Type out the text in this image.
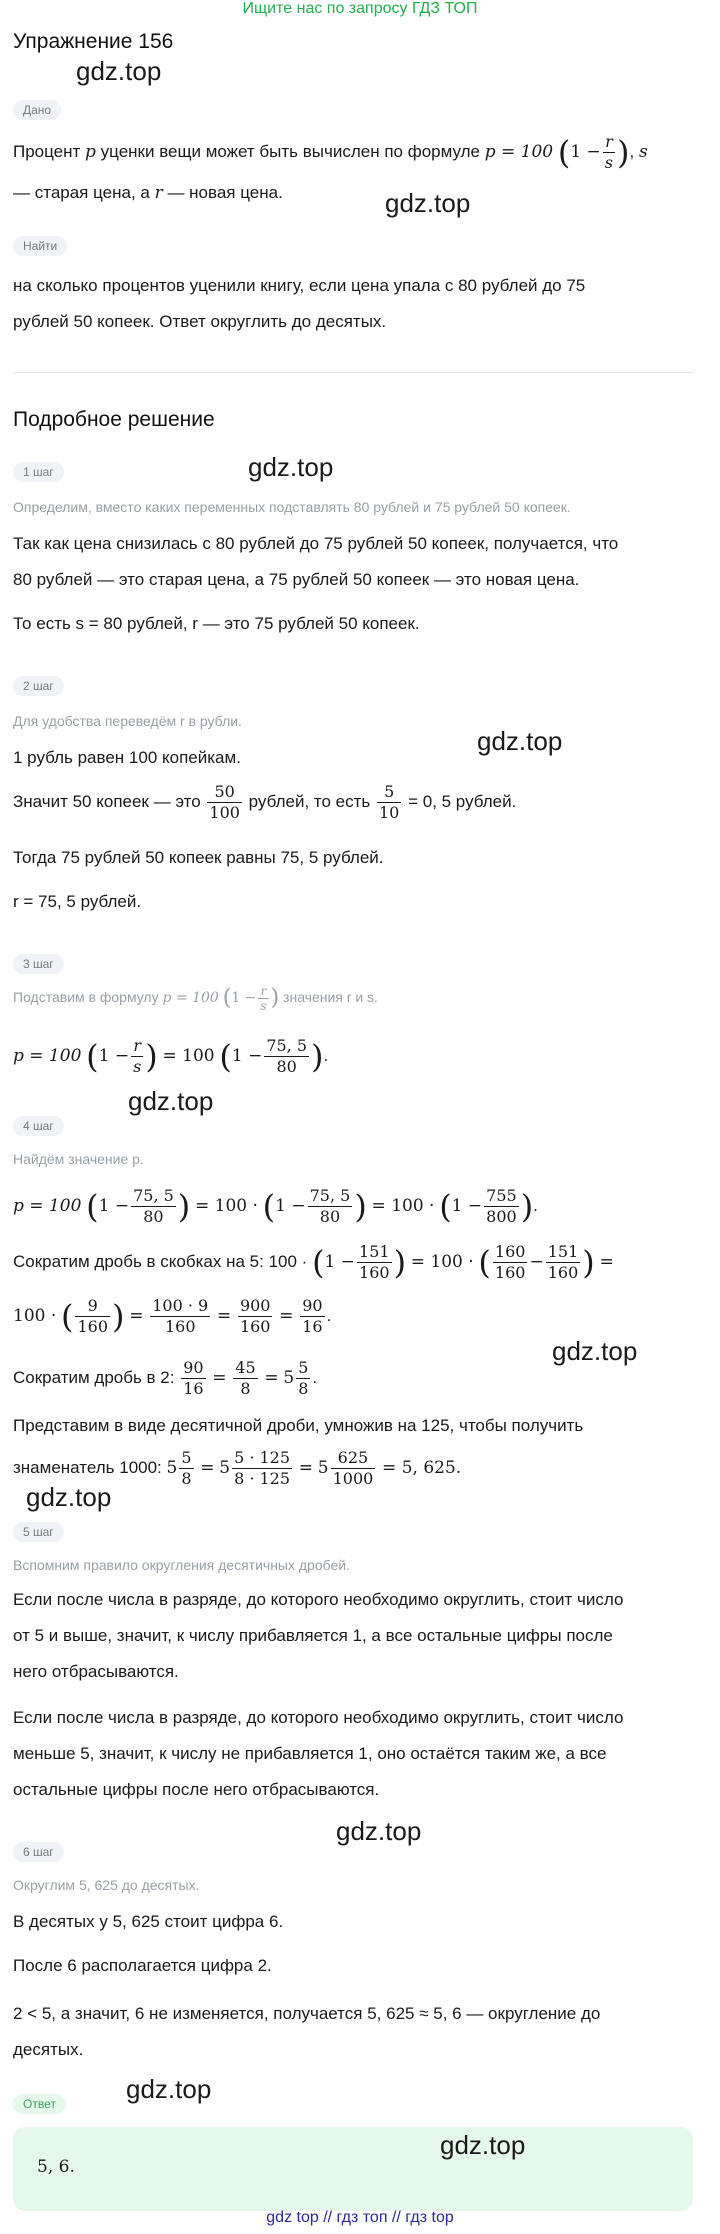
Ищите нас по запросу ГДЗ ТОП
Упражнение 156
Дано
Процент p уценки вещи может быть вычислен по формуле p = 100 ($1 - \frac{r}{s}$ ), s
— старая цена, а r — новая цена.
Найти
на сколько процентов уценили книгу, если цена упала с 80 рублей до 75
рублей 50 копеек. Ответ округлить до десятых.
Подробное решение
1 шаг
Определим, вместо каких переменных подставлять 80 рублей и 75 рублей 50 копеек.
Так как цена снизилась с 80 рублей до 75 рублей 50 копеек, получается, что
80 рублей — это старая цена, а 75 рублей 50 копеек — это новая цена.
То есть s = 80 рублей, r — это 75 рублей 50 копеек.
2 шаг
Для удобства переведём r в рубли.
1 рубль равен 100 копейкам.
Значит 50 копеек — это $\frac{50}{100}$ рублей, то есть $\frac{5}{10} = 0$, 5 рублей.
Тогда 75 рублей 50 копеек равны 75, 5 рублей.
r = 75, 5 рублей.
3 шаг
Подставим в формулу p = 100 ($1 - \frac{r}{s}$ ) значения r и s.
p = 100 ($1 - \frac{r}{s}$ ) = 100 ($1 - \frac{75, 5}{80}$ ).
4 шаг
Найдём значение p.
p = 100 ($1 - \frac{75, 5}{80}$ ) = $100 \cdot (1 - \frac{75, 5}{80}$ ) = $100 \cdot (1 - \frac{755}{800}$ ).
Сократим дробь в скобках на 5: $100 \cdot (1 - \frac{151}{160}$ ) = 100 · ( $\frac{160}{160} - \frac{151}{160}$ ) =
100 · ( $\frac{9}{160}$ ) = $\frac{100 \cdot 9}{160} = \frac{900}{160} = \frac{90}{16}$ .
Сократим дробь в 2: $\frac{90}{16} = \frac{45}{8} = 5 \frac{5}{8}$ .
Представим в виде десятичной дроби, умножив на 125, чтобы получить
знаменатель 1000: $5 \frac{5}{8} = 5 \frac{5 \cdot 125}{8 \cdot 125} = 5 \frac{625}{1000} = 5$, 625.
5 шаг
Вспомним правило округления десятичных дробей.
Если после числа в разряде, до которого необходимо округлить, стоит число
от 5 и выше, значит, к числу прибавляется 1, а все остальные цифры после
него отбрасываются.
Если после числа в разряде, до которого необходимо округлить, стоит число
меньше 5, значит, к числу не прибавляется 1, оно остаётся таким же, а все
остальные цифры после него отбрасываются.
6 шаг
Округлим 5, 625 до десятых.
В десятых у 5, 625 стоит цифра 6.
После 6 располагается цифра 2.
2 < 5, а значит, 6 не изменяется, получается 5, 625 ≈ 5, 6 — округление до
десятых.
Ответ
5, 6.
gdz.top
gdz.top
gdz.top
gdz.top
gdz.top
gdz.top
gdz.top
gdz.top
gdz.top
gdz.top
gdz top // гдз топ // гдз top
